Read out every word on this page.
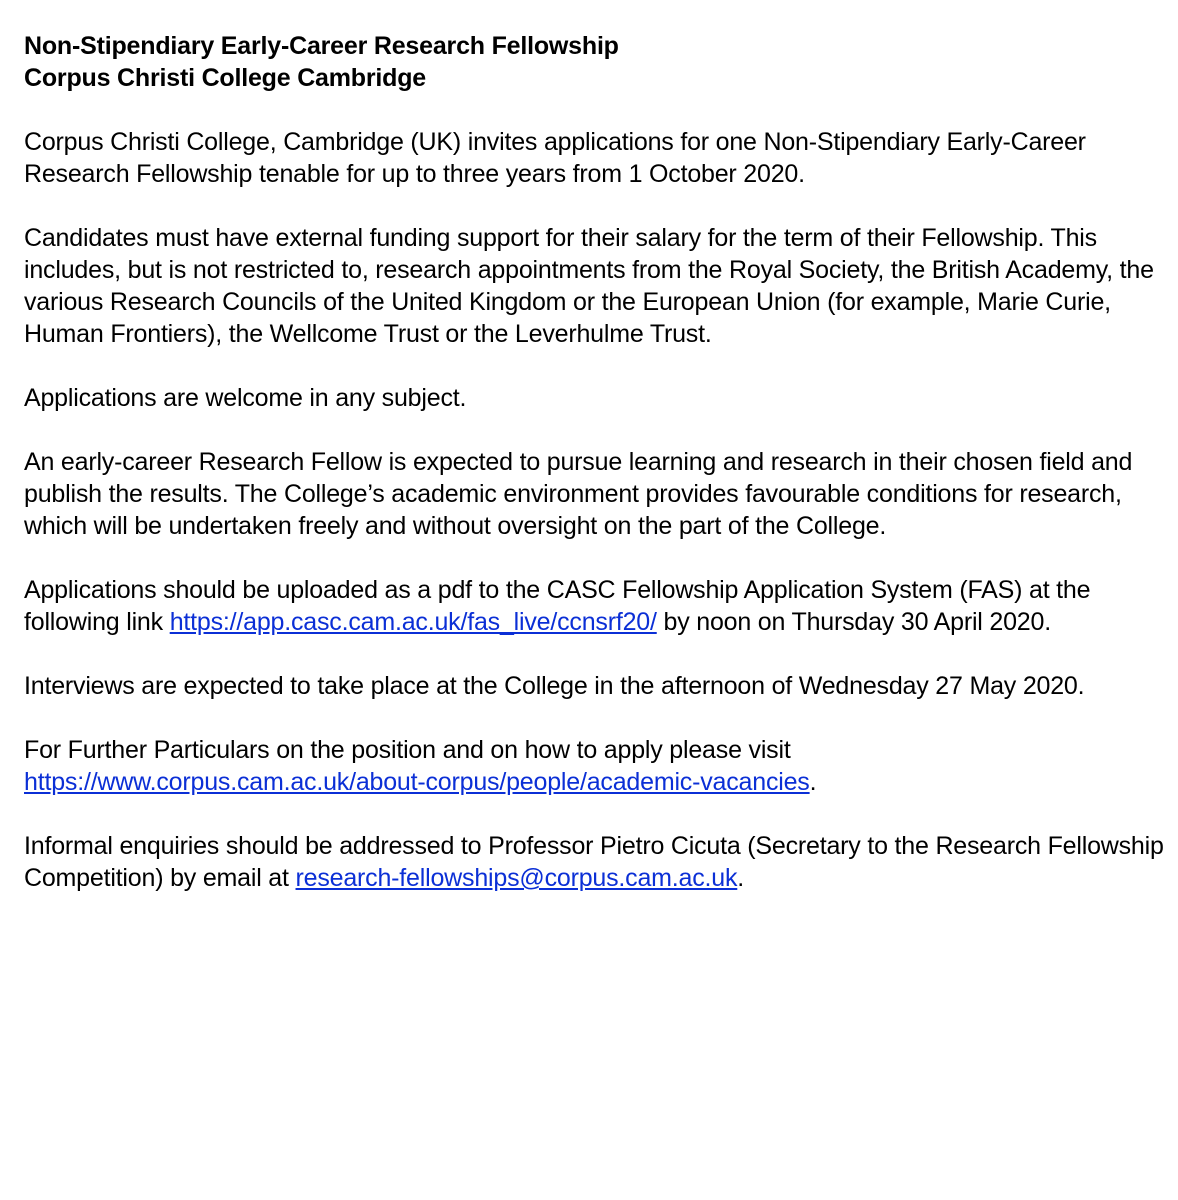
Non-Stipendiary Early-Career Research Fellowship
Corpus Christi College Cambridge

Corpus Christi College, Cambridge (UK) invites applications for one Non-Stipendiary Early-Career Research Fellowship tenable for up to three years from 1 October 2020.

Candidates must have external funding support for their salary for the term of their Fellowship. This includes, but is not restricted to, research appointments from the Royal Society, the British Academy, the various Research Councils of the United Kingdom or the European Union (for example, Marie Curie, Human Frontiers), the Wellcome Trust or the Leverhulme Trust.

Applications are welcome in any subject.

An early-career Research Fellow is expected to pursue learning and research in their chosen field and publish the results. The College’s academic environment provides favourable conditions for research, which will be undertaken freely and without oversight on the part of the College.

Applications should be uploaded as a pdf to the CASC Fellowship Application System (FAS) at the following link https://app.casc.cam.ac.uk/fas_live/ccnsrf20/ by noon on Thursday 30 April 2020.

Interviews are expected to take place at the College in the afternoon of Wednesday 27 May 2020.

For Further Particulars on the position and on how to apply please visit https://www.corpus.cam.ac.uk/about-corpus/people/academic-vacancies.

Informal enquiries should be addressed to Professor Pietro Cicuta (Secretary to the Research Fellowship Competition) by email at research-fellowships@corpus.cam.ac.uk.
